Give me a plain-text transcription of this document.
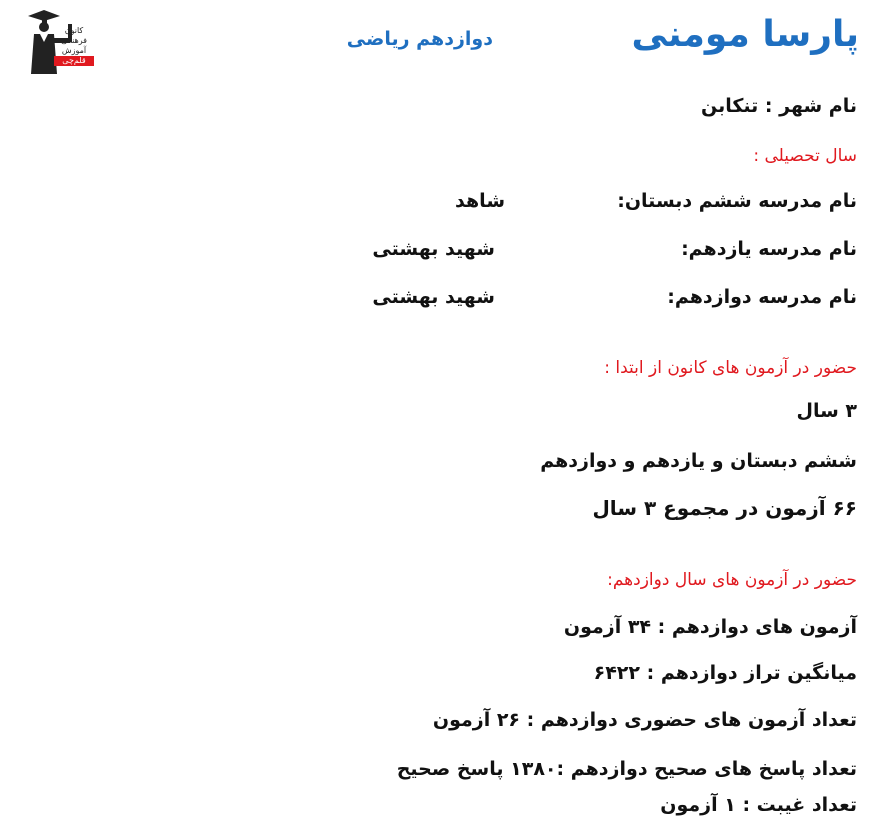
کانون
فرهنگی
آموزش
قلم‌چی
پارسا مومنی
دوازدهم ریاضی
نام شهر : تنکابن
سال تحصیلی :
نام مدرسه ششم دبستان:
شاهد
نام مدرسه یازدهم:
شهید بهشتی
نام مدرسه دوازدهم:
شهید بهشتی
حضور در آزمون های کانون از ابتدا :
۳ سال
ششم دبستان و یازدهم و دوازدهم
۶۶ آزمون در مجموع ۳ سال
حضور در آزمون های سال دوازدهم:
آزمون های دوازدهم : ۳۴ آزمون
میانگین تراز دوازدهم : ۶۴۲۲
تعداد آزمون های حضوری دوازدهم : ۲۶ آزمون
تعداد پاسخ های صحیح دوازدهم :۱۳۸۰ پاسخ صحیح
تعداد غیبت : ۱ آزمون
